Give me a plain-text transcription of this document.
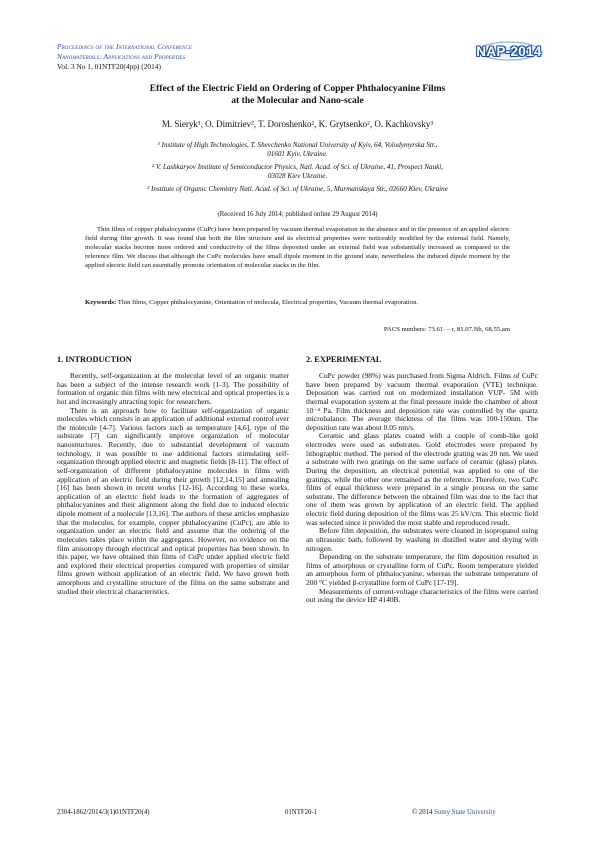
Proceedings of the International Conference
Nanomaterials: Applications and Properties
Vol. 3 No 1, 01NTF20(4pp) (2014)
NAP-2014
Effect of the Electric Field on Ordering of Copper Phthalocyanine Films
at the Molecular and Nano-scale
M. Sieryk¹, O. Dimitriev², T. Doroshenko², K. Grytsenko², O. Kachkovsky³
¹ Institute of High Technologies, T. Shevchenko National University of Kyiv, 64, Volodymyrska Str.,
01601 Kyiv, Ukraine.
² V. Lashkaryov Institute of Semiconductor Physics, Natl. Acad. of Sci. of Ukraine, 41, Prospect Nauki,
03028 Kiev Ukraine.
³ Institute of Organic Chemistry Natl. Acad. of Sci. of Ukraine, 5, Murmanskaya Str., 02660 Kiev, Ukraine
(Received 16 July 2014; published online 29 August 2014)
Thin films of copper phthalocyanine (CuPc) have been prepared by vacuum thermal evaporation in the absence and in the presence of an applied electric field during film growth. It was found that both the film structure and its electrical properties were noticeably modified by the external field. Namely, molecular stacks become more ordered and conductivity of the films deposited under an external field was substantially increased as compared to the reference film. We discuss that although the CuPc molecules have small dipole moment in the ground state, nevertheless the induced dipole moment by the applied electric field can essentially promote orientation of molecular stacks in the film.
Keywords: Thin films, Copper phthalocyanine, Orientation of molecula, Electrical properties, Vacuum thermal evaporation.
PACS numbers: 73.61. – r, 81.07.Nb, 68.55.am
1. INTRODUCTION	2. EXPERIMENTAL

Recently, self-organization at the molecular level of an organic matter has been a subject of the intense research work [1-3]. The possibility of formation of organic thin films with new electrical and optical properties is a hot and increasingly attracting topic for researchers.

There is an approach how to facilitate self-organization of organic molecules which consists in an application of additional external control over the molecule [4-7]. Various factors such as temperature [4,6], type of the substrate [7] can significantly improve organization of molecular nanostructures. Recently, due to substantial development of vacuum technology, it was possible to use additional factors stimulating self-organization through applied electric and magnetic fields [8-11]. The effect of self-organization of different phthalocyanine molecules in films with application of an electric field during their growth [12,14,15] and annealing [16] has been shown in recent works [12-16]. According to these works, application of an electric field leads to the formation of aggregates of phthalocyanines and their alignment along the field due to induced electric dipole moment of a molecule [13,16]. The authors of these articles emphasize that the molecules, for example, copper phthalocyanine (CuPc), are able to organization under an electric field and assume that the ordering of the molecules takes place within the aggregates. However, no evidence on the film anisotropy through electrical and optical properties has been shown. In this paper, we have obtained thin films of CuPc under applied electric field and explored their electrical properties compared with properties of similar films grown without application of an electric field. We have grown both amorphous and crystalline structure of the films on the same substrate and studied their electrical characteristics.

CuPc powder (98%) was purchased from Sigma Aldrich. Films of CuPc have been prepared by vacuum thermal evaporation (VTE) technique. Deposition was carried out on modernized installation VUP- 5M with thermal evaporation system at the final pressure inside the chamber of about 10⁻⁴ Pa. Film thickness and deposition rate was controlled by the quartz microbalance. The average thickness of the films was 100-150nm. The deposition rate was about 0.05 nm/s.

Ceramic and glass plates coated with a couple of comb-like gold electrodes were used as substrates. Gold electrodes were prepared by lithographic method. The period of the electrode grating was 20 nm. We used a substrate with two gratings on the same surface of ceramic (glass) plates. During the deposition, an electrical potential was applied to one of the gratings, while the other one remained as the reference. Therefore, two CuPc films of equal thickness were prepared in a single process on the same substrate. The difference between the obtained film was due to the fact that one of them was grown by application of an electric field. The applied electric field during deposition of the films was 25 kV/cm. This electric field was selected since it provided the most stable and reproduced result.

Before film deposition, the substrates were cleaned in isopropanol using an ultrasonic bath, followed by washing in distilled water and drying with nitrogen.

Depending on the substrate temperature, the film deposition resulted in films of amorphous or crystalline form of CuPc. Room temperature yielded an amorphous form of phthalocyanine, whereas the substrate temperature of 200 °C yielded β-crystalline form of CuPc [17-19].

Measurements of current-voltage characteristics of the films were carried out using the device HP 4140B.

2304-1862/2014/3(1)01NTF20(4)	01NTF20-1	© 2014 Sumy State University
